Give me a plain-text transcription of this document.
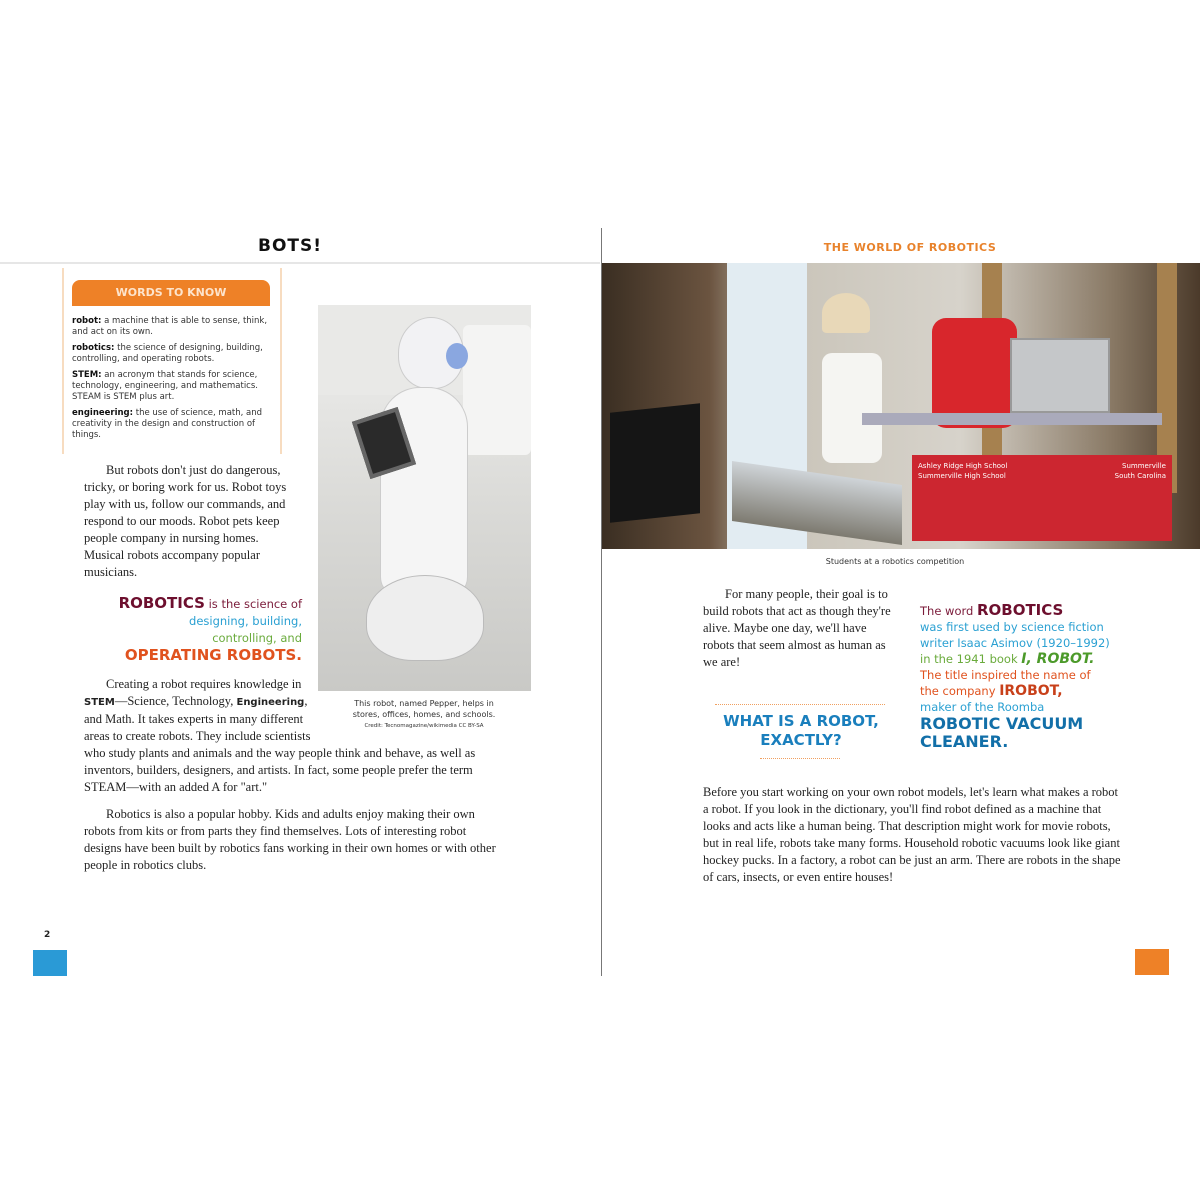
BOTS!	THE WORLD OF ROBOTICS
This robot, named Pepper, helps in stores, offices, homes, and schools.
Credit: Tecnomagazine/wikimedia CC BY-SA
WORDS TO KNOW
robot: a machine that is able to sense, think, and act on its own.
robotics: the science of designing, building, controlling, and operating robots.
STEM: an acronym that stands for science, technology, engineering, and mathematics. STEAM is STEM plus art.
engineering: the use of science, math, and creativity in the design and construction of things.
But robots don't just do dangerous, tricky, or boring work for us. Robot toys play with us, follow our commands, and respond to our moods. Robot pets keep people company in nursing homes. Musical robots accompany popular musicians.
ROBOTICS is the science of
designing, building,
controlling, and
OPERATING ROBOTS.
Creating a robot requires knowledge in STEM—Science, Technology, Engineering, and Math. It takes experts in many different areas to create robots. They include scientists who study plants and animals and the way people think and behave, as well as inventors, builders, designers, and artists. In fact, some people prefer the term STEAM—with an added A for "art."
Robotics is also a popular hobby. Kids and adults enjoy making their own robots from kits or from parts they find themselves. Lots of interesting robot designs have been built by robotics fans working in their own homes or with other people in robotics clubs.
2
Ashley Ridge High School	Summerville
Summerville High School	South Carolina
Students at a robotics competition
For many people, their goal is to build robots that act as though they're alive. Maybe one day, we'll have robots that seem almost as human as we are!
WHAT IS A ROBOT, EXACTLY?
The word ROBOTICS
was first used by science fiction
writer Isaac Asimov (1920–1992)
in the 1941 book I, ROBOT.
The title inspired the name of
the company IROBOT,
maker of the Roomba
ROBOTIC VACUUM
CLEANER.
Before you start working on your own robot models, let's learn what makes a robot a robot. If you look in the dictionary, you'll find robot defined as a machine that looks and acts like a human being. That description might work for movie robots, but in real life, robots take many forms. Household robotic vacuums look like giant hockey pucks. In a factory, a robot can be just an arm. There are robots in the shape of cars, insects, or even entire houses!
